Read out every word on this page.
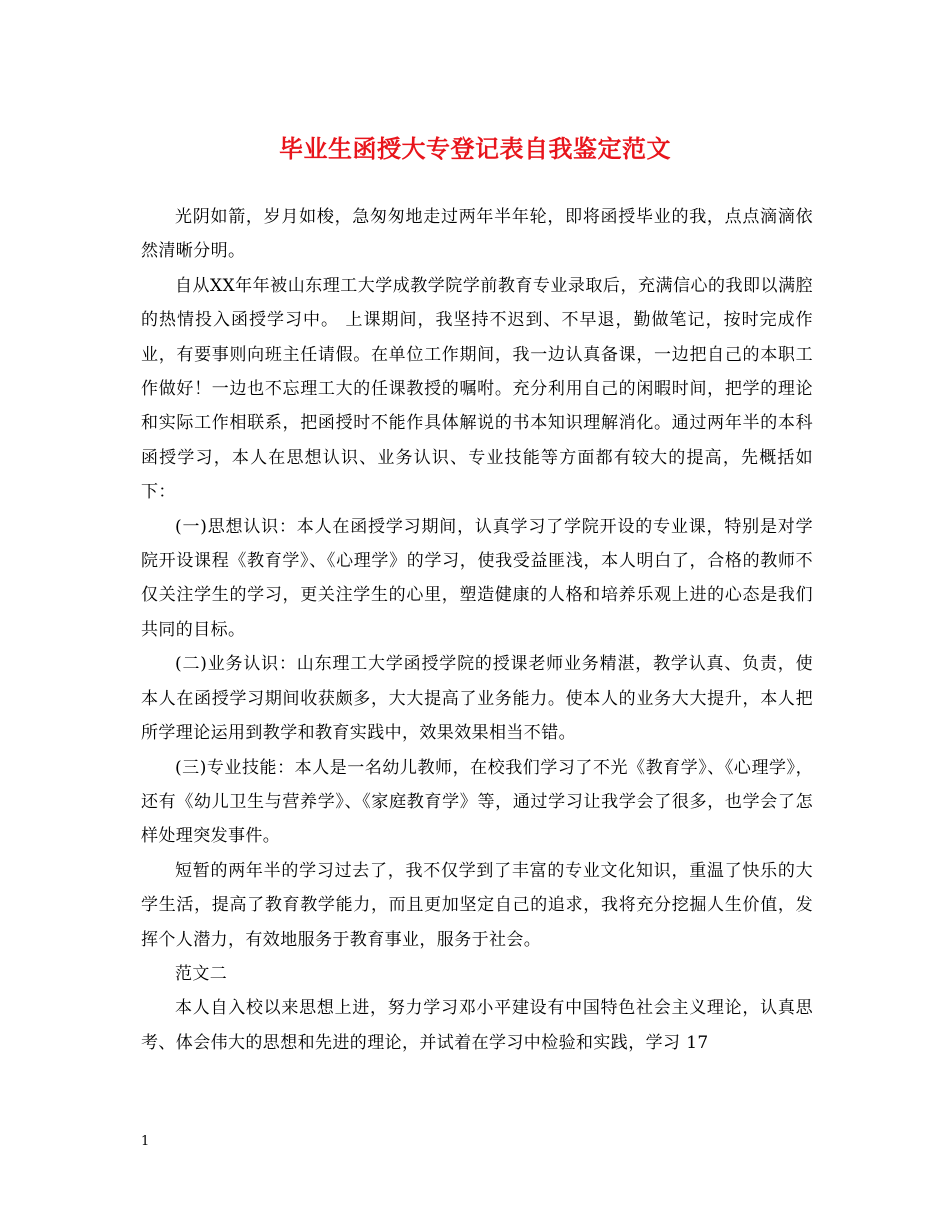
毕业生函授大专登记表自我鉴定范文

光阴如箭，岁月如梭，急匆匆地走过两年半年轮，即将函授毕业的我，点点滴滴依然清晰分明。

自从XX年年被山东理工大学成教学院学前教育专业录取后，充满信心的我即以满腔的热情投入函授学习中。 上课期间，我坚持不迟到、不早退，勤做笔记，按时完成作业，有要事则向班主任请假。在单位工作期间，我一边认真备课，一边把自己的本职工作做好！一边也不忘理工大的任课教授的嘱咐。充分利用自己的闲暇时间，把学的理论和实际工作相联系，把函授时不能作具体解说的书本知识理解消化。通过两年半的本科函授学习，本人在思想认识、业务认识、专业技能等方面都有较大的提高，先概括如下：

(一)思想认识：本人在函授学习期间，认真学习了学院开设的专业课，特别是对学院开设课程《教育学》、《心理学》的学习，使我受益匪浅，本人明白了，合格的教师不仅关注学生的学习，更关注学生的心里，塑造健康的人格和培养乐观上进的心态是我们共同的目标。

(二)业务认识：山东理工大学函授学院的授课老师业务精湛，教学认真、负责，使本人在函授学习期间收获颇多，大大提高了业务能力。使本人的业务大大提升，本人把所学理论运用到教学和教育实践中，效果效果相当不错。

(三)专业技能：本人是一名幼儿教师，在校我们学习了不光《教育学》、《心理学》，还有《幼儿卫生与营养学》、《家庭教育学》等，通过学习让我学会了很多，也学会了怎样处理突发事件。

短暂的两年半的学习过去了，我不仅学到了丰富的专业文化知识，重温了快乐的大学生活，提高了教育教学能力，而且更加坚定自己的追求，我将充分挖掘人生价值，发挥个人潜力，有效地服务于教育事业，服务于社会。

范文二

本人自入校以来思想上进，努力学习邓小平建设有中国特色社会主义理论，认真思考、体会伟大的思想和先进的理论，并试着在学习中检验和实践，学习 17

1
